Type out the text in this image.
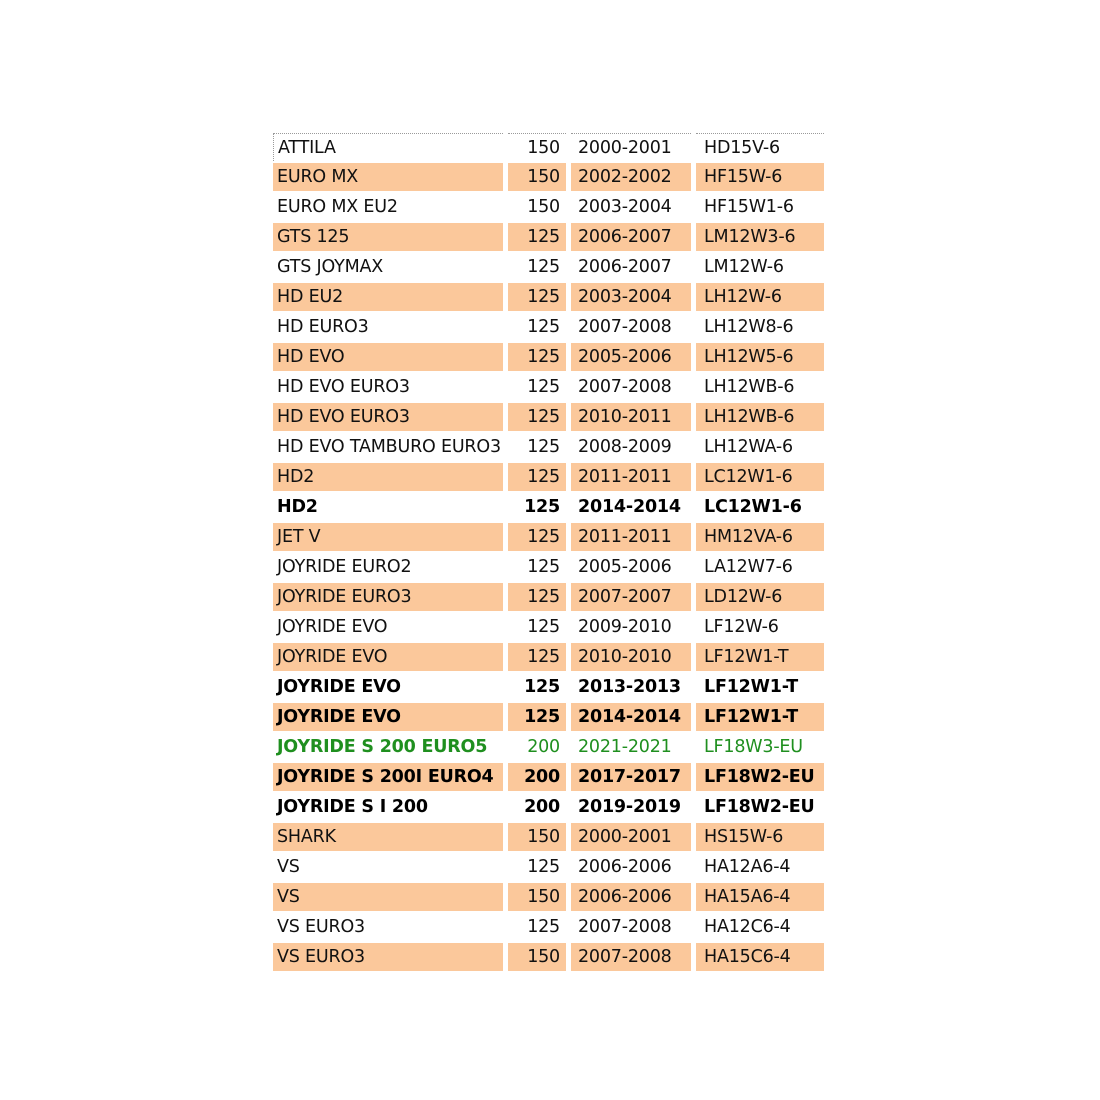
ATTILA	150	2000-2001	HD15V-6
EURO MX	150	2002-2002	HF15W-6
EURO MX EU2	150	2003-2004	HF15W1-6
GTS 125	125	2006-2007	LM12W3-6
GTS JOYMAX	125	2006-2007	LM12W-6
HD EU2	125	2003-2004	LH12W-6
HD EURO3	125	2007-2008	LH12W8-6
HD EVO	125	2005-2006	LH12W5-6
HD EVO EURO3	125	2007-2008	LH12WB-6
HD EVO EURO3	125	2010-2011	LH12WB-6
HD EVO TAMBURO EURO3	125	2008-2009	LH12WA-6
HD2	125	2011-2011	LC12W1-6
HD2	125	2014-2014	LC12W1-6
JET V	125	2011-2011	HM12VA-6
JOYRIDE EURO2	125	2005-2006	LA12W7-6
JOYRIDE EURO3	125	2007-2007	LD12W-6
JOYRIDE EVO	125	2009-2010	LF12W-6
JOYRIDE EVO	125	2010-2010	LF12W1-T
JOYRIDE EVO	125	2013-2013	LF12W1-T
JOYRIDE EVO	125	2014-2014	LF12W1-T
JOYRIDE S 200 EURO5	200	2021-2021	LF18W3-EU
JOYRIDE S 200I EURO4	200	2017-2017	LF18W2-EU
JOYRIDE S I 200	200	2019-2019	LF18W2-EU
SHARK	150	2000-2001	HS15W-6
VS	125	2006-2006	HA12A6-4
VS	150	2006-2006	HA15A6-4
VS EURO3	125	2007-2008	HA12C6-4
VS EURO3	150	2007-2008	HA15C6-4
